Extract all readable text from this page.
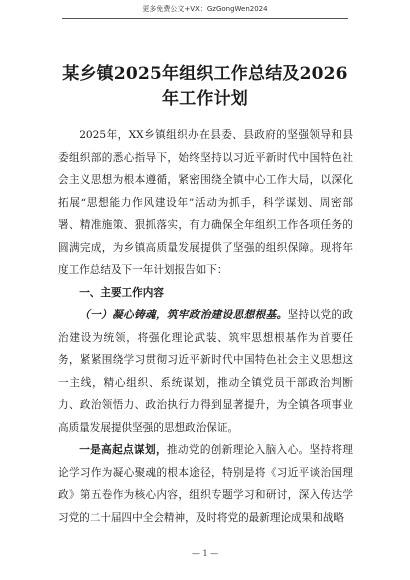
更多免费公文+VX：GzGongWen2024
某乡镇2025年组织工作总结及2026年工作计划

2025年，XX乡镇组织办在县委、县政府的坚强领导和县委组织部的悉心指导下，始终坚持以习近平新时代中国特色社会主义思想为根本遵循，紧密围绕全镇中心工作大局，以深化拓展“思想能力作风建设年”活动为抓手，科学谋划、周密部署、精准施策、狠抓落实，有力确保全年组织工作各项任务的圆满完成，为乡镇高质量发展提供了坚强的组织保障。现将年度工作总结及下一年计划报告如下：

一、主要工作内容

（一）凝心铸魂，筑牢政治建设思想根基。坚持以党的政治建设为统领，将强化理论武装、筑牢思想根基作为首要任务，紧紧围绕学习贯彻习近平新时代中国特色社会主义思想这一主线，精心组织、系统谋划，推动全镇党员干部政治判断力、政治领悟力、政治执行力得到显著提升，为全镇各项事业高质量发展提供坚强的思想政治保证。

一是高起点谋划，推动党的创新理论入脑入心。坚持将理论学习作为凝心聚魂的根本途径，特别是将《习近平谈治国理政》第五卷作为核心内容，组织专题学习和研讨，深入传达学习党的二十届四中全会精神，及时将党的最新理论成果和战略

— 1 —
